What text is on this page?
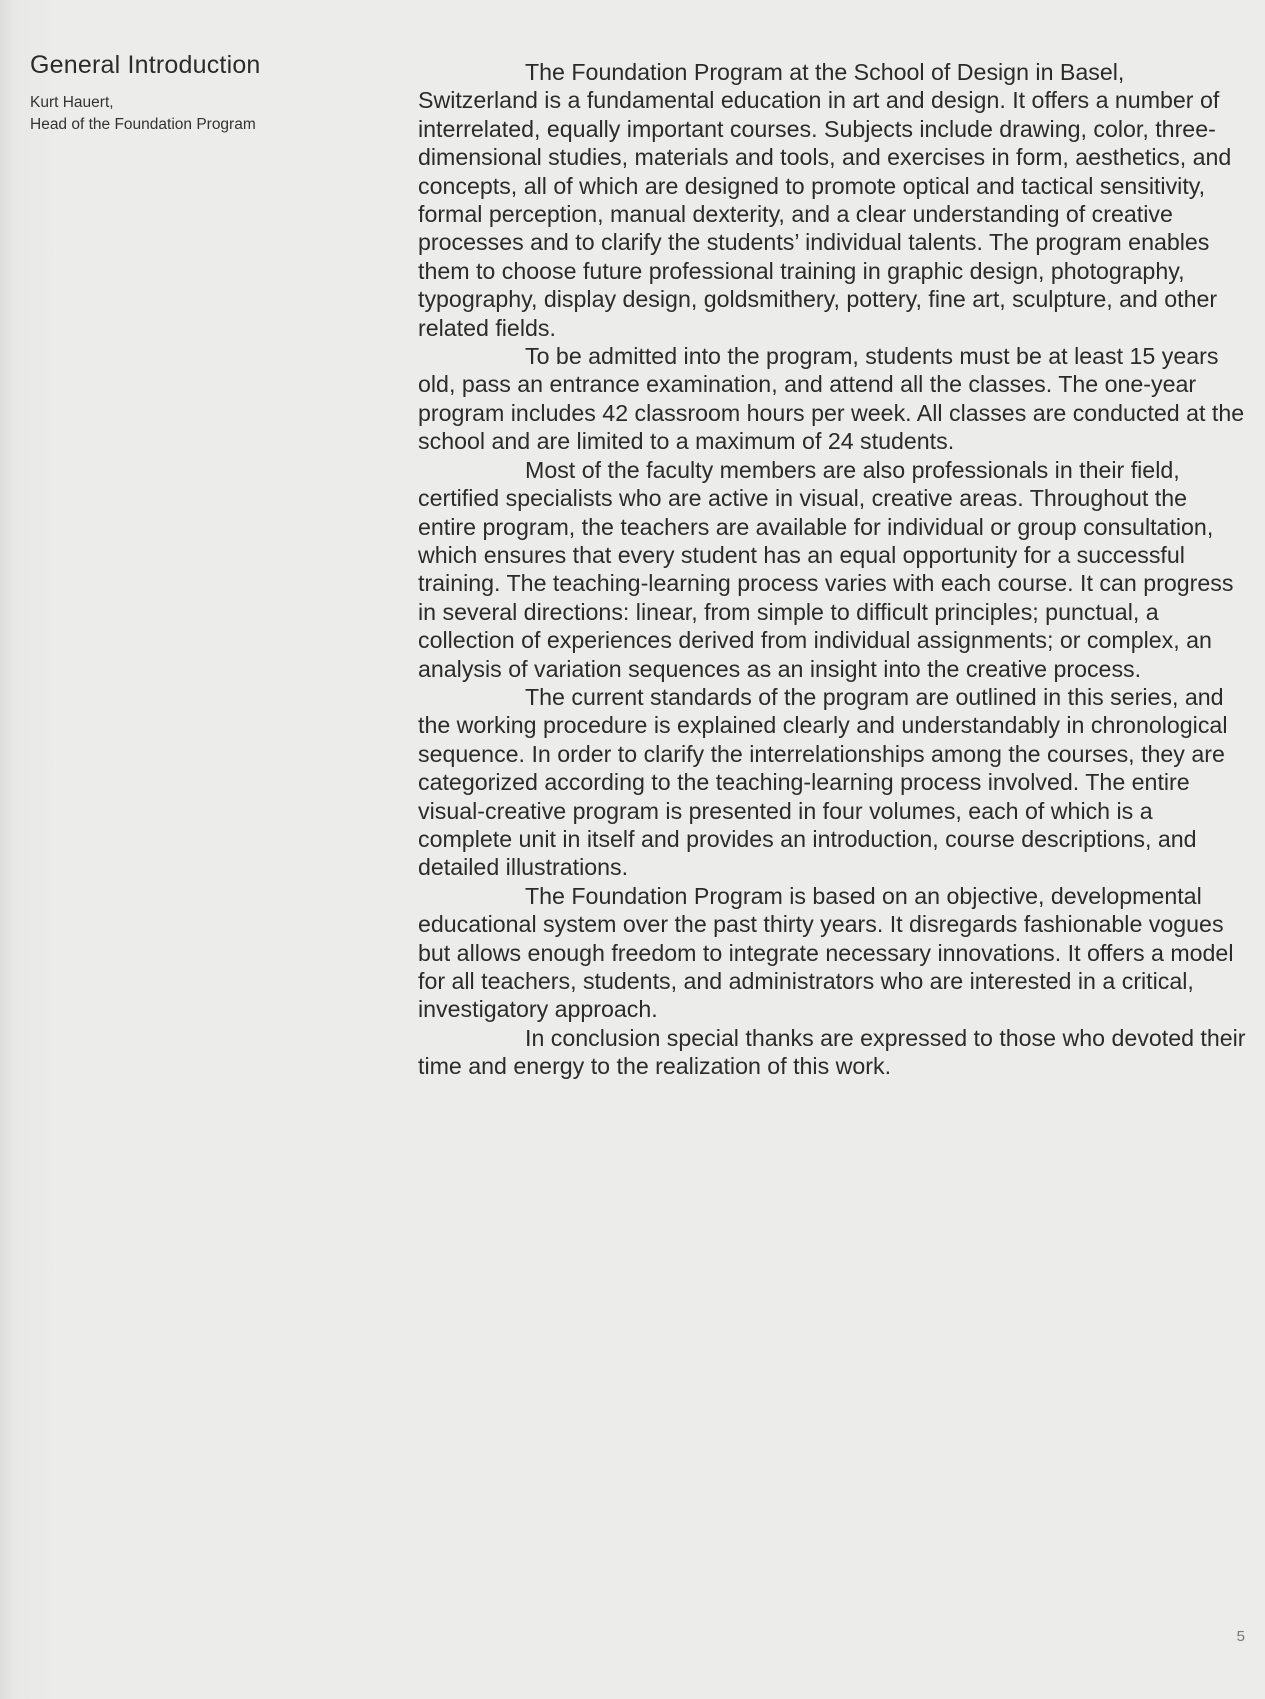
General Introduction
Kurt Hauert,
Head of the Foundation Program

The Foundation Program at the School of Design in Basel, Switzerland is a fundamental education in art and design. It offers a number of interrelated, equally important courses. Subjects include drawing, color, three-dimensional studies, materials and tools, and exercises in form, aesthetics, and concepts, all of which are designed to promote optical and tactical sensitivity, formal perception, manual dexterity, and a clear understanding of creative processes and to clarify the students’ individual talents. The program enables them to choose future professional training in graphic design, photography, typography, display design, goldsmithery, pottery, fine art, sculpture, and other related fields.

To be admitted into the program, students must be at least 15 years old, pass an entrance examination, and attend all the classes. The one-year program includes 42 classroom hours per week. All classes are conducted at the school and are limited to a maximum of 24 students.

Most of the faculty members are also professionals in their field, certified specialists who are active in visual, creative areas. Throughout the entire program, the teachers are available for individual or group consultation, which ensures that every student has an equal opportunity for a successful training. The teaching-learning process varies with each course. It can progress in several directions: linear, from simple to difficult principles; punctual, a collection of experiences derived from individual assignments; or complex, an analysis of variation sequences as an insight into the creative process.

The current standards of the program are outlined in this series, and the working procedure is explained clearly and understandably in chronological sequence. In order to clarify the interrelationships among the courses, they are categorized according to the teaching-learning process involved. The entire visual-creative program is presented in four volumes, each of which is a complete unit in itself and provides an introduction, course descriptions, and detailed illustrations.

The Foundation Program is based on an objective, developmental educational system over the past thirty years. It disregards fashionable vogues but allows enough freedom to integrate necessary innovations. It offers a model for all teachers, students, and administrators who are interested in a critical, investigatory approach.

In conclusion special thanks are expressed to those who devoted their time and energy to the realization of this work.

5
